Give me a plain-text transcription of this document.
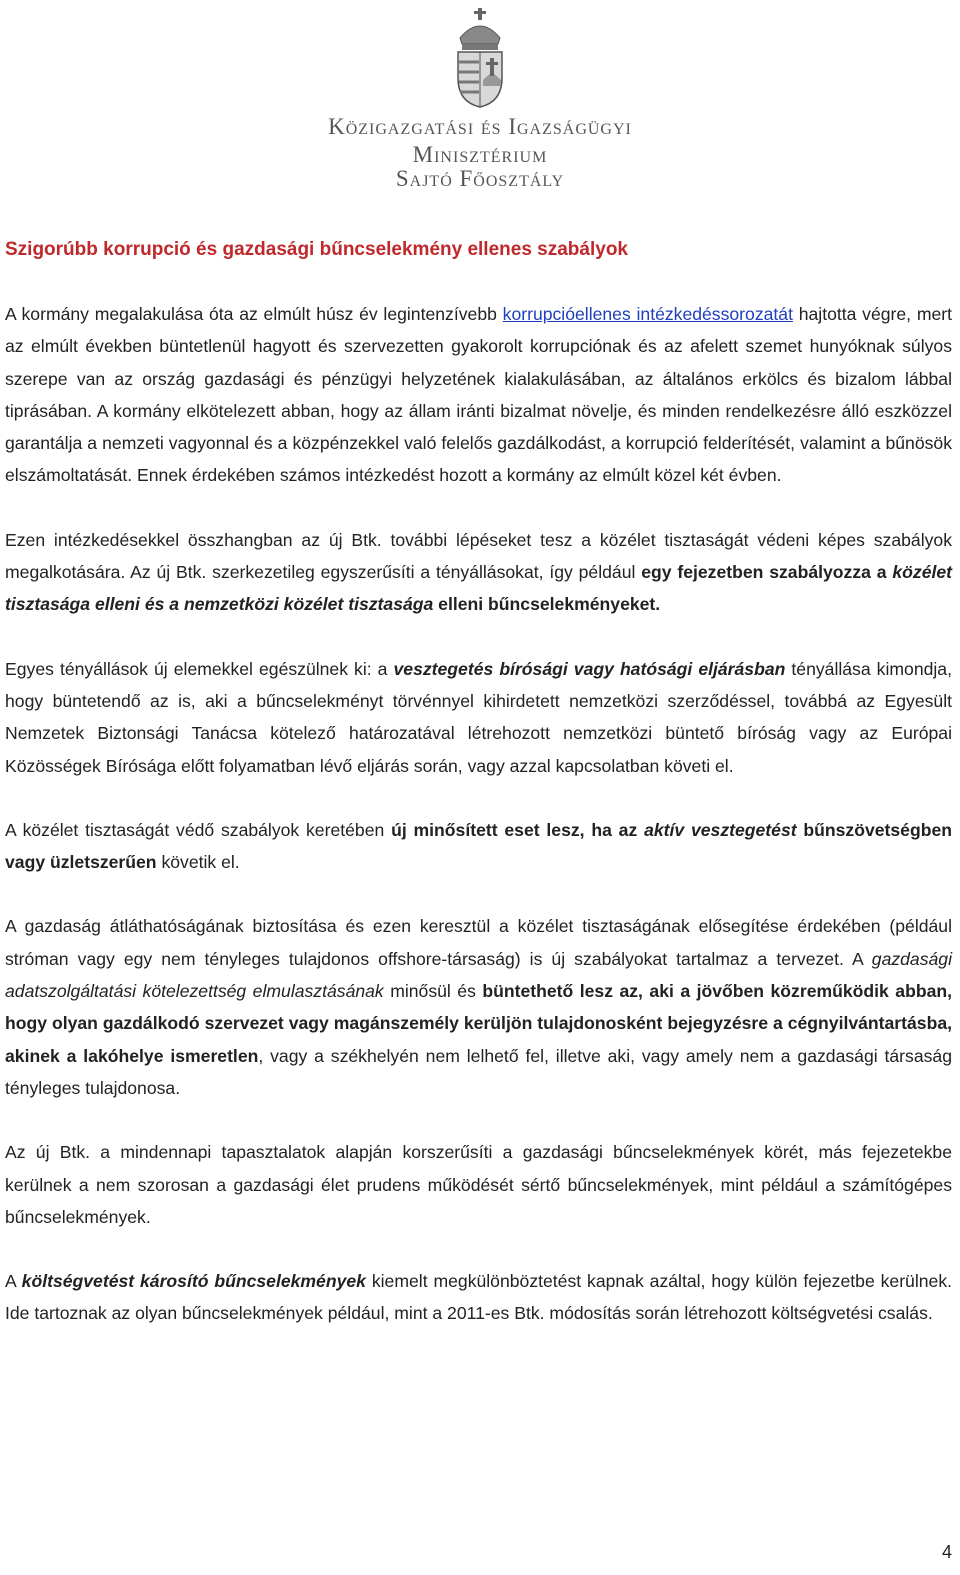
Közigazgatási és Igazságügyi
Minisztérium
Sajtó Főosztály
Szigorúbb korrupció és gazdasági bűncselekmény ellenes szabályok

A kormány megalakulása óta az elmúlt húsz év legintenzívebb korrupcióellenes intézkedéssorozatát hajtotta végre, mert az elmúlt években büntetlenül hagyott és szervezetten gyakorolt korrupciónak és az afelett szemet hunyóknak súlyos szerepe van az ország gazdasági és pénzügyi helyzetének kialakulásában, az általános erkölcs és bizalom lábbal tiprásában. A kormány elkötelezett abban, hogy az állam iránti bizalmat növelje, és minden rendelkezésre álló eszközzel garantálja a nemzeti vagyonnal és a közpénzekkel való felelős gazdálkodást, a korrupció felderítését, valamint a bűnösök elszámoltatását. Ennek érdekében számos intézkedést hozott a kormány az elmúlt közel két évben.

Ezen intézkedésekkel összhangban az új Btk. további lépéseket tesz a közélet tisztaságát védeni képes szabályok megalkotására. Az új Btk. szerkezetileg egyszerűsíti a tényállásokat, így például egy fejezetben szabályozza a közélet tisztasága elleni és a nemzetközi közélet tisztasága elleni bűncselekményeket.

Egyes tényállások új elemekkel egészülnek ki: a vesztegetés bírósági vagy hatósági eljárásban tényállása kimondja, hogy büntetendő az is, aki a bűncselekményt törvénnyel kihirdetett nemzetközi szerződéssel, továbbá az Egyesült Nemzetek Biztonsági Tanácsa kötelező határozatával létrehozott nemzetközi büntető bíróság vagy az Európai Közösségek Bírósága előtt folyamatban lévő eljárás során, vagy azzal kapcsolatban követi el.

A közélet tisztaságát védő szabályok keretében új minősített eset lesz, ha az aktív vesztegetést bűnszövetségben vagy üzletszerűen követik el.

A gazdaság átláthatóságának biztosítása és ezen keresztül a közélet tisztaságának elősegítése érdekében (például stróman vagy egy nem tényleges tulajdonos offshore-társaság) is új szabályokat tartalmaz a tervezet. A gazdasági adatszolgáltatási kötelezettség elmulasztásának minősül és büntethető lesz az, aki a jövőben közreműködik abban, hogy olyan gazdálkodó szervezet vagy magánszemély kerüljön tulajdonosként bejegyzésre a cégnyilvántartásba, akinek a lakóhelye ismeretlen, vagy a székhelyén nem lelhető fel, illetve aki, vagy amely nem a gazdasági társaság tényleges tulajdonosa.

Az új Btk. a mindennapi tapasztalatok alapján korszerűsíti a gazdasági bűncselekmények körét, más fejezetekbe kerülnek a nem szorosan a gazdasági élet prudens működését sértő bűncselekmények, mint például a számítógépes bűncselekmények.

A költségvetést károsító bűncselekmények kiemelt megkülönböztetést kapnak azáltal, hogy külön fejezetbe kerülnek. Ide tartoznak az olyan bűncselekmények például, mint a 2011-es Btk. módosítás során létrehozott költségvetési csalás.

4
